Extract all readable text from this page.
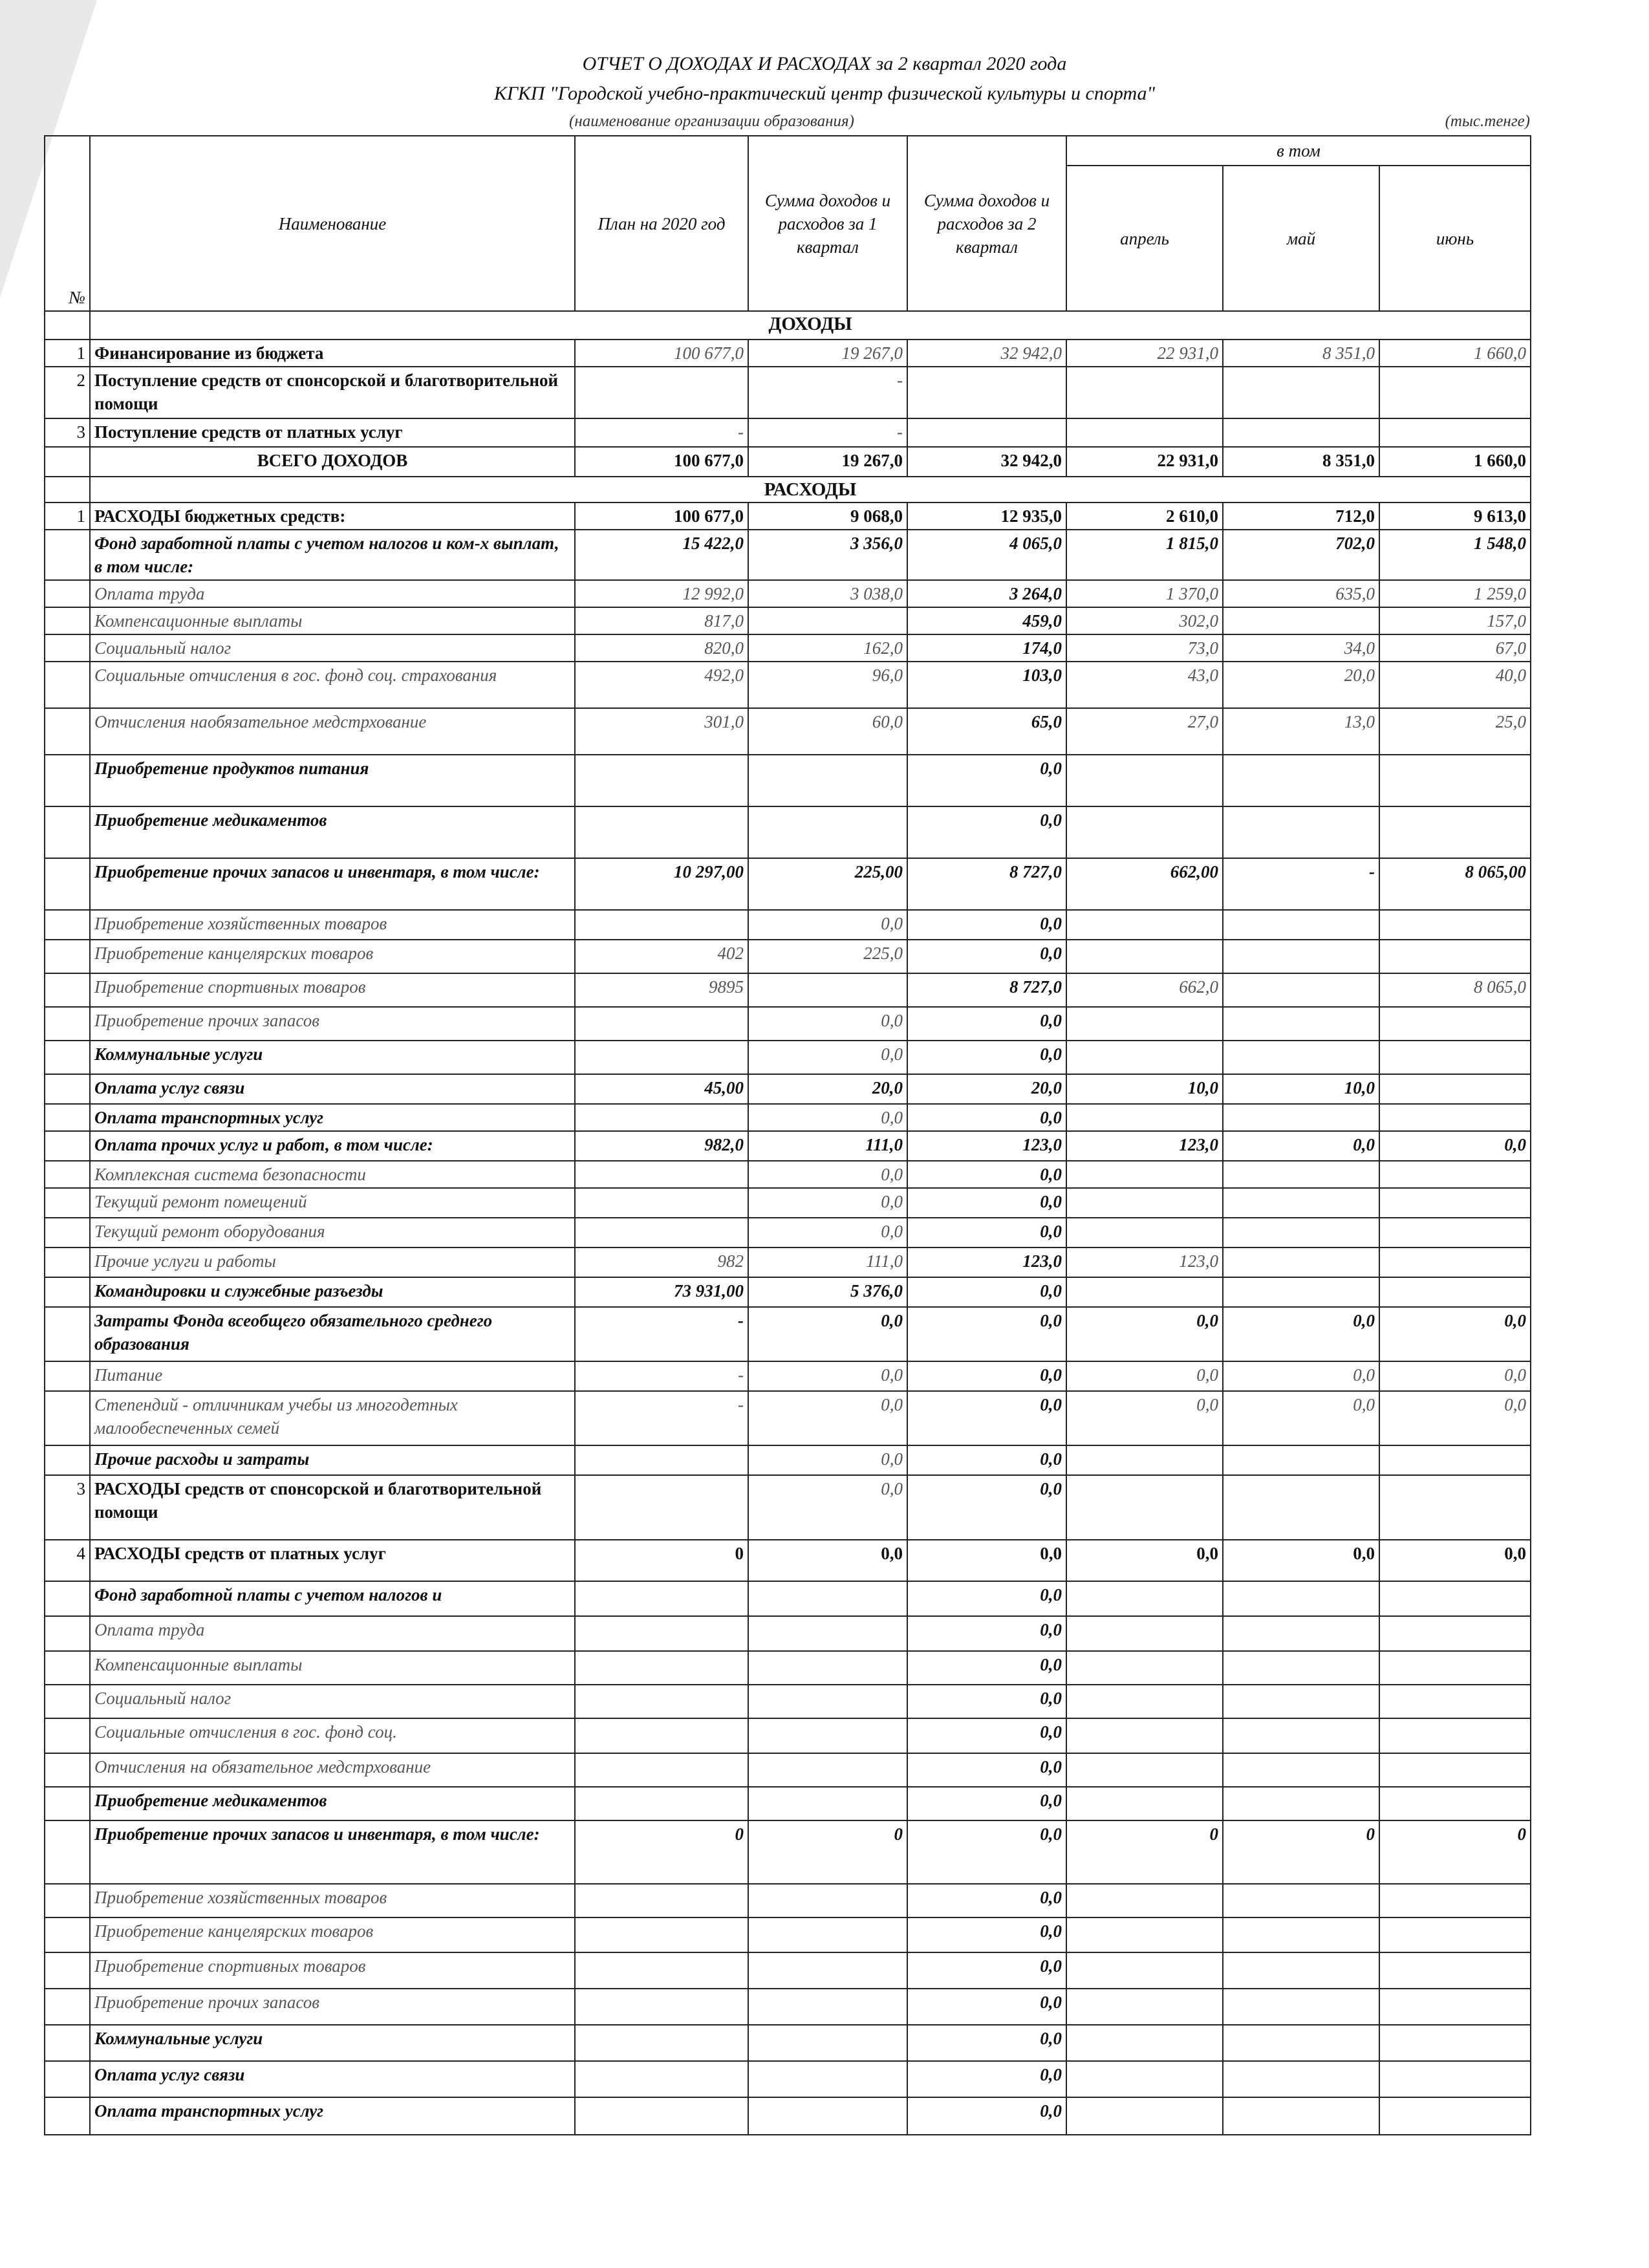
ОТЧЕТ О ДОХОДАХ И РАСХОДАХ за 2 квартал 2020 года
КГКП "Городской учебно-практический центр физической культуры и спорта"
(наименование организации образования)	(тыс.тенге)
№	Наименование	План на 2020 год	Сумма доходов и расходов за 1 квартал	Сумма доходов и расходов за 2 квартал	в том		
					апрель	май	июнь
	ДОХОДЫ						
1	Финансирование из бюджета	100 677,0	19 267,0	32 942,0	22 931,0	8 351,0	1 660,0
2	Поступление средств от спонсорской и благотворительной помощи		-				
3	Поступление средств от платных услуг	-	-				
	ВСЕГО ДОХОДОВ	100 677,0	19 267,0	32 942,0	22 931,0	8 351,0	1 660,0
	РАСХОДЫ						
1	РАСХОДЫ бюджетных средств:	100 677,0	9 068,0	12 935,0	2 610,0	712,0	9 613,0
	Фонд заработной платы с учетом налогов и ком-х выплат, в том числе:	15 422,0	3 356,0	4 065,0	1 815,0	702,0	1 548,0
	Оплата труда	12 992,0	3 038,0	3 264,0	1 370,0	635,0	1 259,0
	Компенсационные выплаты	817,0		459,0	302,0		157,0
	Социальный налог	820,0	162,0	174,0	73,0	34,0	67,0
	Социальные отчисления в гос. фонд соц. страхования	492,0	96,0	103,0	43,0	20,0	40,0
	Отчисления наобязательное медстрхование	301,0	60,0	65,0	27,0	13,0	25,0
	Приобретение продуктов питания			0,0			
	Приобретение медикаментов			0,0			
	Приобретение прочих запасов и инвентаря, в том числе:	10 297,00	225,00	8 727,0	662,00	-	8 065,00
	Приобретение хозяйственных товаров		0,0	0,0			
	Приобретение канцелярских товаров	402	225,0	0,0			
	Приобретение спортивных товаров	9895		8 727,0	662,0		8 065,0
	Приобретение прочих запасов		0,0	0,0			
	Коммунальные услуги		0,0	0,0			
	Оплата услуг связи	45,00	20,0	20,0	10,0	10,0	
	Оплата транспортных услуг		0,0	0,0			
	Оплата прочих услуг и работ, в том числе:	982,0	111,0	123,0	123,0	0,0	0,0
	Комплексная система безопасности		0,0	0,0			
	Текущий ремонт помещений		0,0	0,0			
	Текущий ремонт оборудования		0,0	0,0			
	Прочие услуги и работы	982	111,0	123,0	123,0		
	Командировки и служебные разъезды	73 931,00	5 376,0	0,0			
	Затраты Фонда всеобщего обязательного среднего образования	-	0,0	0,0	0,0	0,0	0,0
	Питание	-	0,0	0,0	0,0	0,0	0,0
	Степендий - отличникам учебы из многодетных малообеспеченных семей	-	0,0	0,0	0,0	0,0	0,0
	Прочие расходы и затраты		0,0	0,0			
3	РАСХОДЫ средств от спонсорской и благотворительной помощи		0,0	0,0			
4	РАСХОДЫ средств от платных услуг	0	0,0	0,0	0,0	0,0	0,0
	Фонд заработной платы с учетом налогов и			0,0			
	Оплата труда			0,0			
	Компенсационные выплаты			0,0			
	Социальный налог			0,0			
	Социальные отчисления в гос. фонд соц.			0,0			
	Отчисления на обязательное медстрхование			0,0			
	Приобретение медикаментов			0,0			
	Приобретение прочих запасов и инвентаря, в том числе:	0	0	0,0	0	0	0
	Приобретение хозяйственных товаров			0,0			
	Приобретение канцелярских товаров			0,0			
	Приобретение спортивных товаров			0,0			
	Приобретение прочих запасов			0,0			
	Коммунальные услуги			0,0			
	Оплата услуг связи			0,0			
	Оплата транспортных услуг			0,0			
